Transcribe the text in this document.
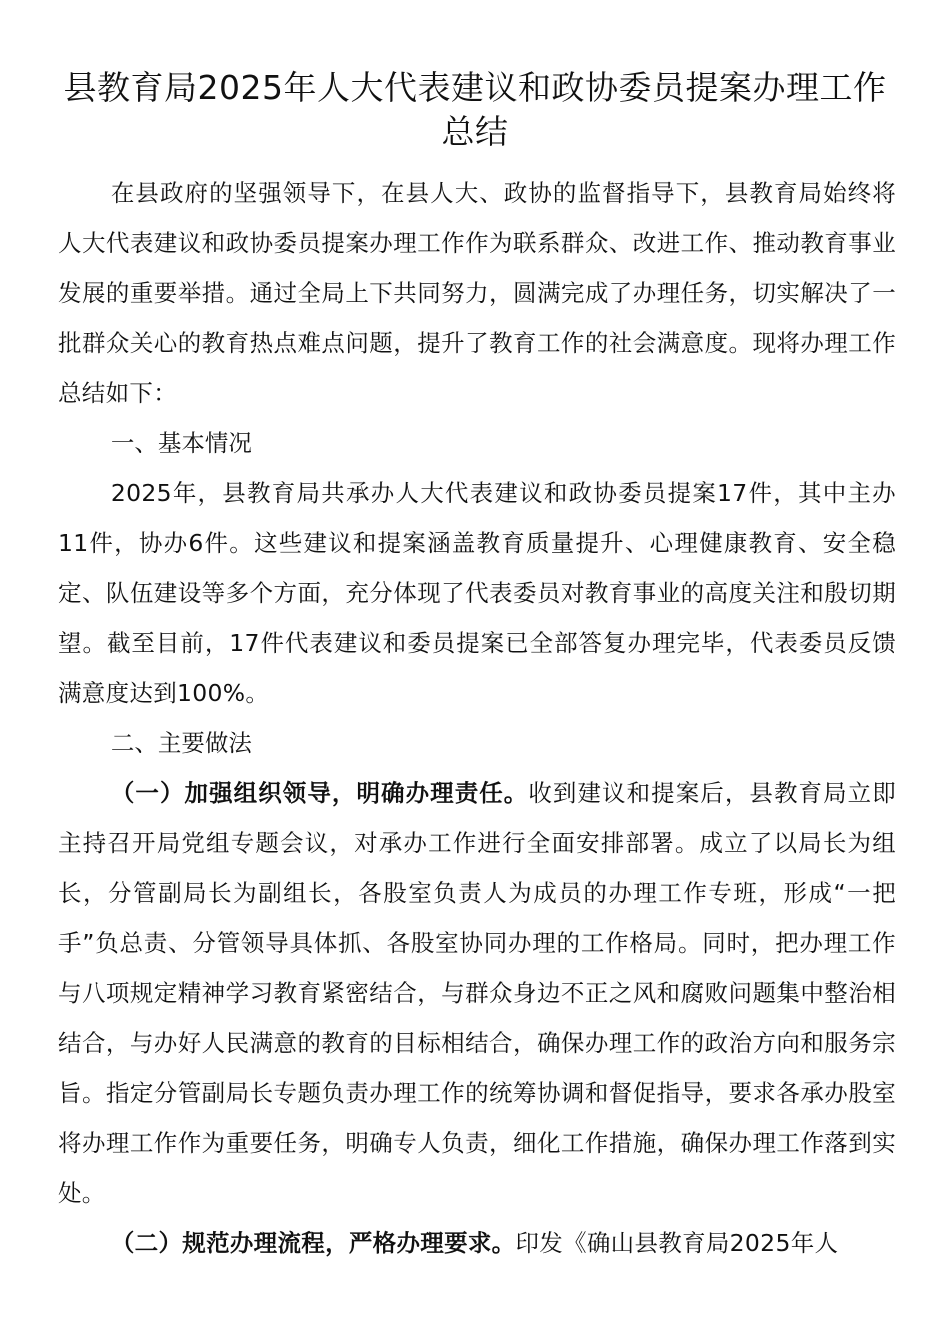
县教育局2025年人大代表建议和政协委员提案办理工作总结

在县政府的坚强领导下，在县人大、政协的监督指导下，县教育局始终将人大代表建议和政协委员提案办理工作作为联系群众、改进工作、推动教育事业发展的重要举措。通过全局上下共同努力，圆满完成了办理任务，切实解决了一批群众关心的教育热点难点问题，提升了教育工作的社会满意度。现将办理工作总结如下：

一、基本情况

2025年，县教育局共承办人大代表建议和政协委员提案17件，其中主办11件，协办6件。这些建议和提案涵盖教育质量提升、心理健康教育、安全稳定、队伍建设等多个方面，充分体现了代表委员对教育事业的高度关注和殷切期望。截至目前，17件代表建议和委员提案已全部答复办理完毕，代表委员反馈满意度达到100%。

二、主要做法

（一）加强组织领导，明确办理责任。收到建议和提案后，县教育局立即主持召开局党组专题会议，对承办工作进行全面安排部署。成立了以局长为组长，分管副局长为副组长，各股室负责人为成员的办理工作专班，形成“一把手”负总责、分管领导具体抓、各股室协同办理的工作格局。同时，把办理工作与八项规定精神学习教育紧密结合，与群众身边不正之风和腐败问题集中整治相结合，与办好人民满意的教育的目标相结合，确保办理工作的政治方向和服务宗旨。指定分管副局长专题负责办理工作的统筹协调和督促指导，要求各承办股室将办理工作作为重要任务，明确专人负责，细化工作措施，确保办理工作落到实处。

（二）规范办理流程，严格办理要求。印发《确山县教育局2025年人
